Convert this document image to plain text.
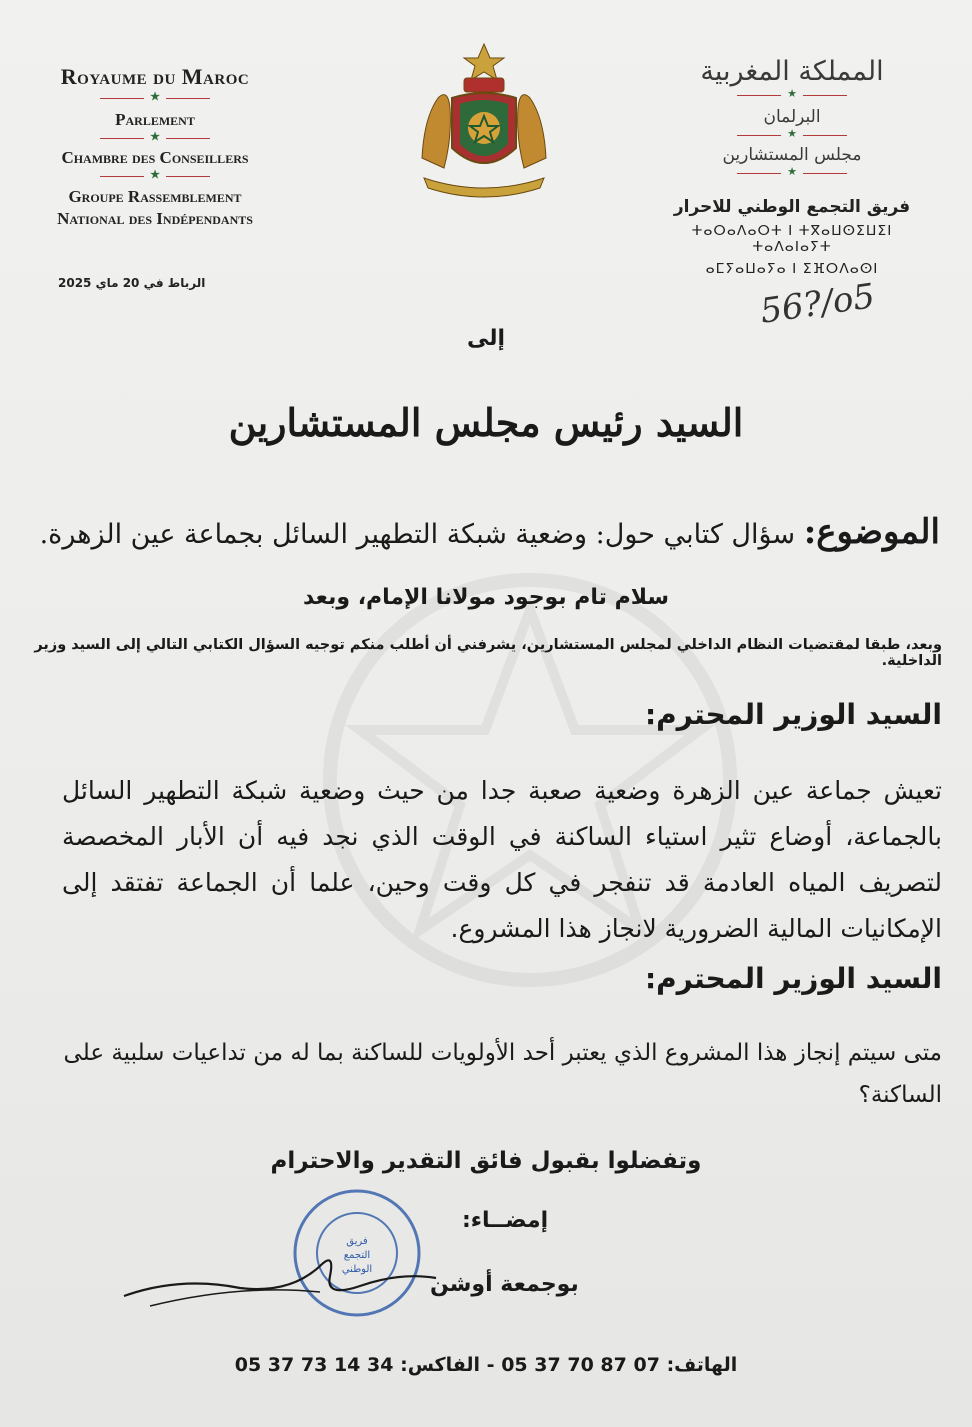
Royaume du Maroc
★
Parlement
★
Chambre des Conseillers
★
Groupe Rassemblement
National des Indépendants
الرباط في 20 ماي 2025
المملكة المغربية
★
البرلمان
★
مجلس المستشارين
★
فريق التجمع الوطني للاحرار
ⵜⴰⵔⴰⴷⴰⵔⵜ ⵏ ⵜⴳⴰⵡⵙⵉⵡⵉⵏ ⵜⴰⴷⴰⵏⴰⵢⵜ
ⴰⵎⵢⴰⵡⴰⵢⴰ ⵏ ⵉⴼⵔⴷⴰⵙⵏ
56?/o5
إلى
السيد رئيس مجلس المستشارين
الموضوع: سؤال كتابي حول: وضعية شبكة التطهير السائل بجماعة عين الزهرة.
سلام تام بوجود مولانا الإمام، وبعد
وبعد، طبقا لمقتضيات النظام الداخلي لمجلس المستشارين، يشرفني أن أطلب منكم توجيه السؤال الكتابي التالي إلى السيد وزير الداخلية.
السيد الوزير المحترم:
تعيش جماعة عين الزهرة وضعية صعبة جدا من حيث وضعية شبكة التطهير السائل بالجماعة، أوضاع تثير استياء الساكنة في الوقت الذي نجد فيه أن الأبار المخصصة لتصريف المياه العادمة قد تنفجر في كل وقت وحين، علما أن الجماعة تفتقد إلى الإمكانيات المالية الضرورية لانجاز هذا المشروع.
السيد الوزير المحترم:
متى سيتم إنجاز هذا المشروع الذي يعتبر أحد الأولويات للساكنة بما له من تداعيات سلبية على الساكنة؟
وتفضلوا بقبول فائق التقدير والاحترام
إمضــاء:
فريق
التجمع
الوطني
بوجمعة أوشن
الهاتف: 07 87 70 37 05 - الفاكس: 34 14 73 37 05
